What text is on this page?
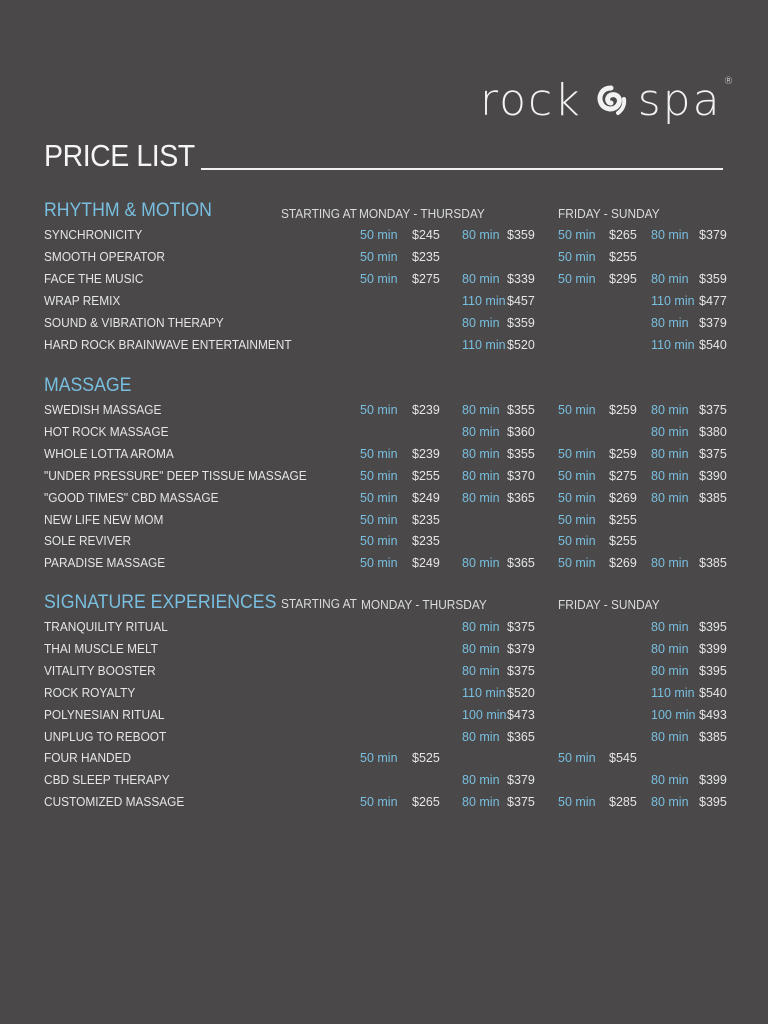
rock spa ®
PRICE LIST
RHYTHM & MOTION	STARTING AT MONDAY - THURSDAY	FRIDAY - SUNDAY
SYNCHRONICITY	50 min $245 80 min $359 50 min $265 80 min $379
SMOOTH OPERATOR	50 min $235	50 min $255
FACE THE MUSIC	50 min $275 80 min $339 50 min $295 80 min $359
WRAP REMIX	110 min $457	110 min $477
SOUND & VIBRATION THERAPY	80 min $359	80 min $379
HARD ROCK BRAINWAVE ENTERTAINMENT	110 min $520	110 min $540
MASSAGE
SWEDISH MASSAGE	50 min $239 80 min $355 50 min $259 80 min $375
HOT ROCK MASSAGE	80 min $360	80 min $380
WHOLE LOTTA AROMA	50 min $239 80 min $355 50 min $259 80 min $375
"UNDER PRESSURE" DEEP TISSUE MASSAGE	50 min $255 80 min $370 50 min $275 80 min $390
"GOOD TIMES" CBD MASSAGE	50 min $249 80 min $365 50 min $269 80 min $385
NEW LIFE NEW MOM	50 min $235	50 min $255
SOLE REVIVER	50 min $235	50 min $255
PARADISE MASSAGE	50 min $249 80 min $365 50 min $269 80 min $385
SIGNATURE EXPERIENCES STARTING AT MONDAY - THURSDAY	FRIDAY - SUNDAY
TRANQUILITY RITUAL	80 min $375	80 min $395
THAI MUSCLE MELT	80 min $379	80 min $399
VITALITY BOOSTER	80 min $375	80 min $395
ROCK ROYALTY	110 min $520	110 min $540
POLYNESIAN RITUAL	100 min $473	100 min $493
UNPLUG TO REBOOT	80 min $365	80 min $385
FOUR HANDED	50 min $525	50 min $545
CBD SLEEP THERAPY	80 min $379	80 min $399
CUSTOMIZED MASSAGE	50 min $265 80 min $375 50 min $285 80 min $395
